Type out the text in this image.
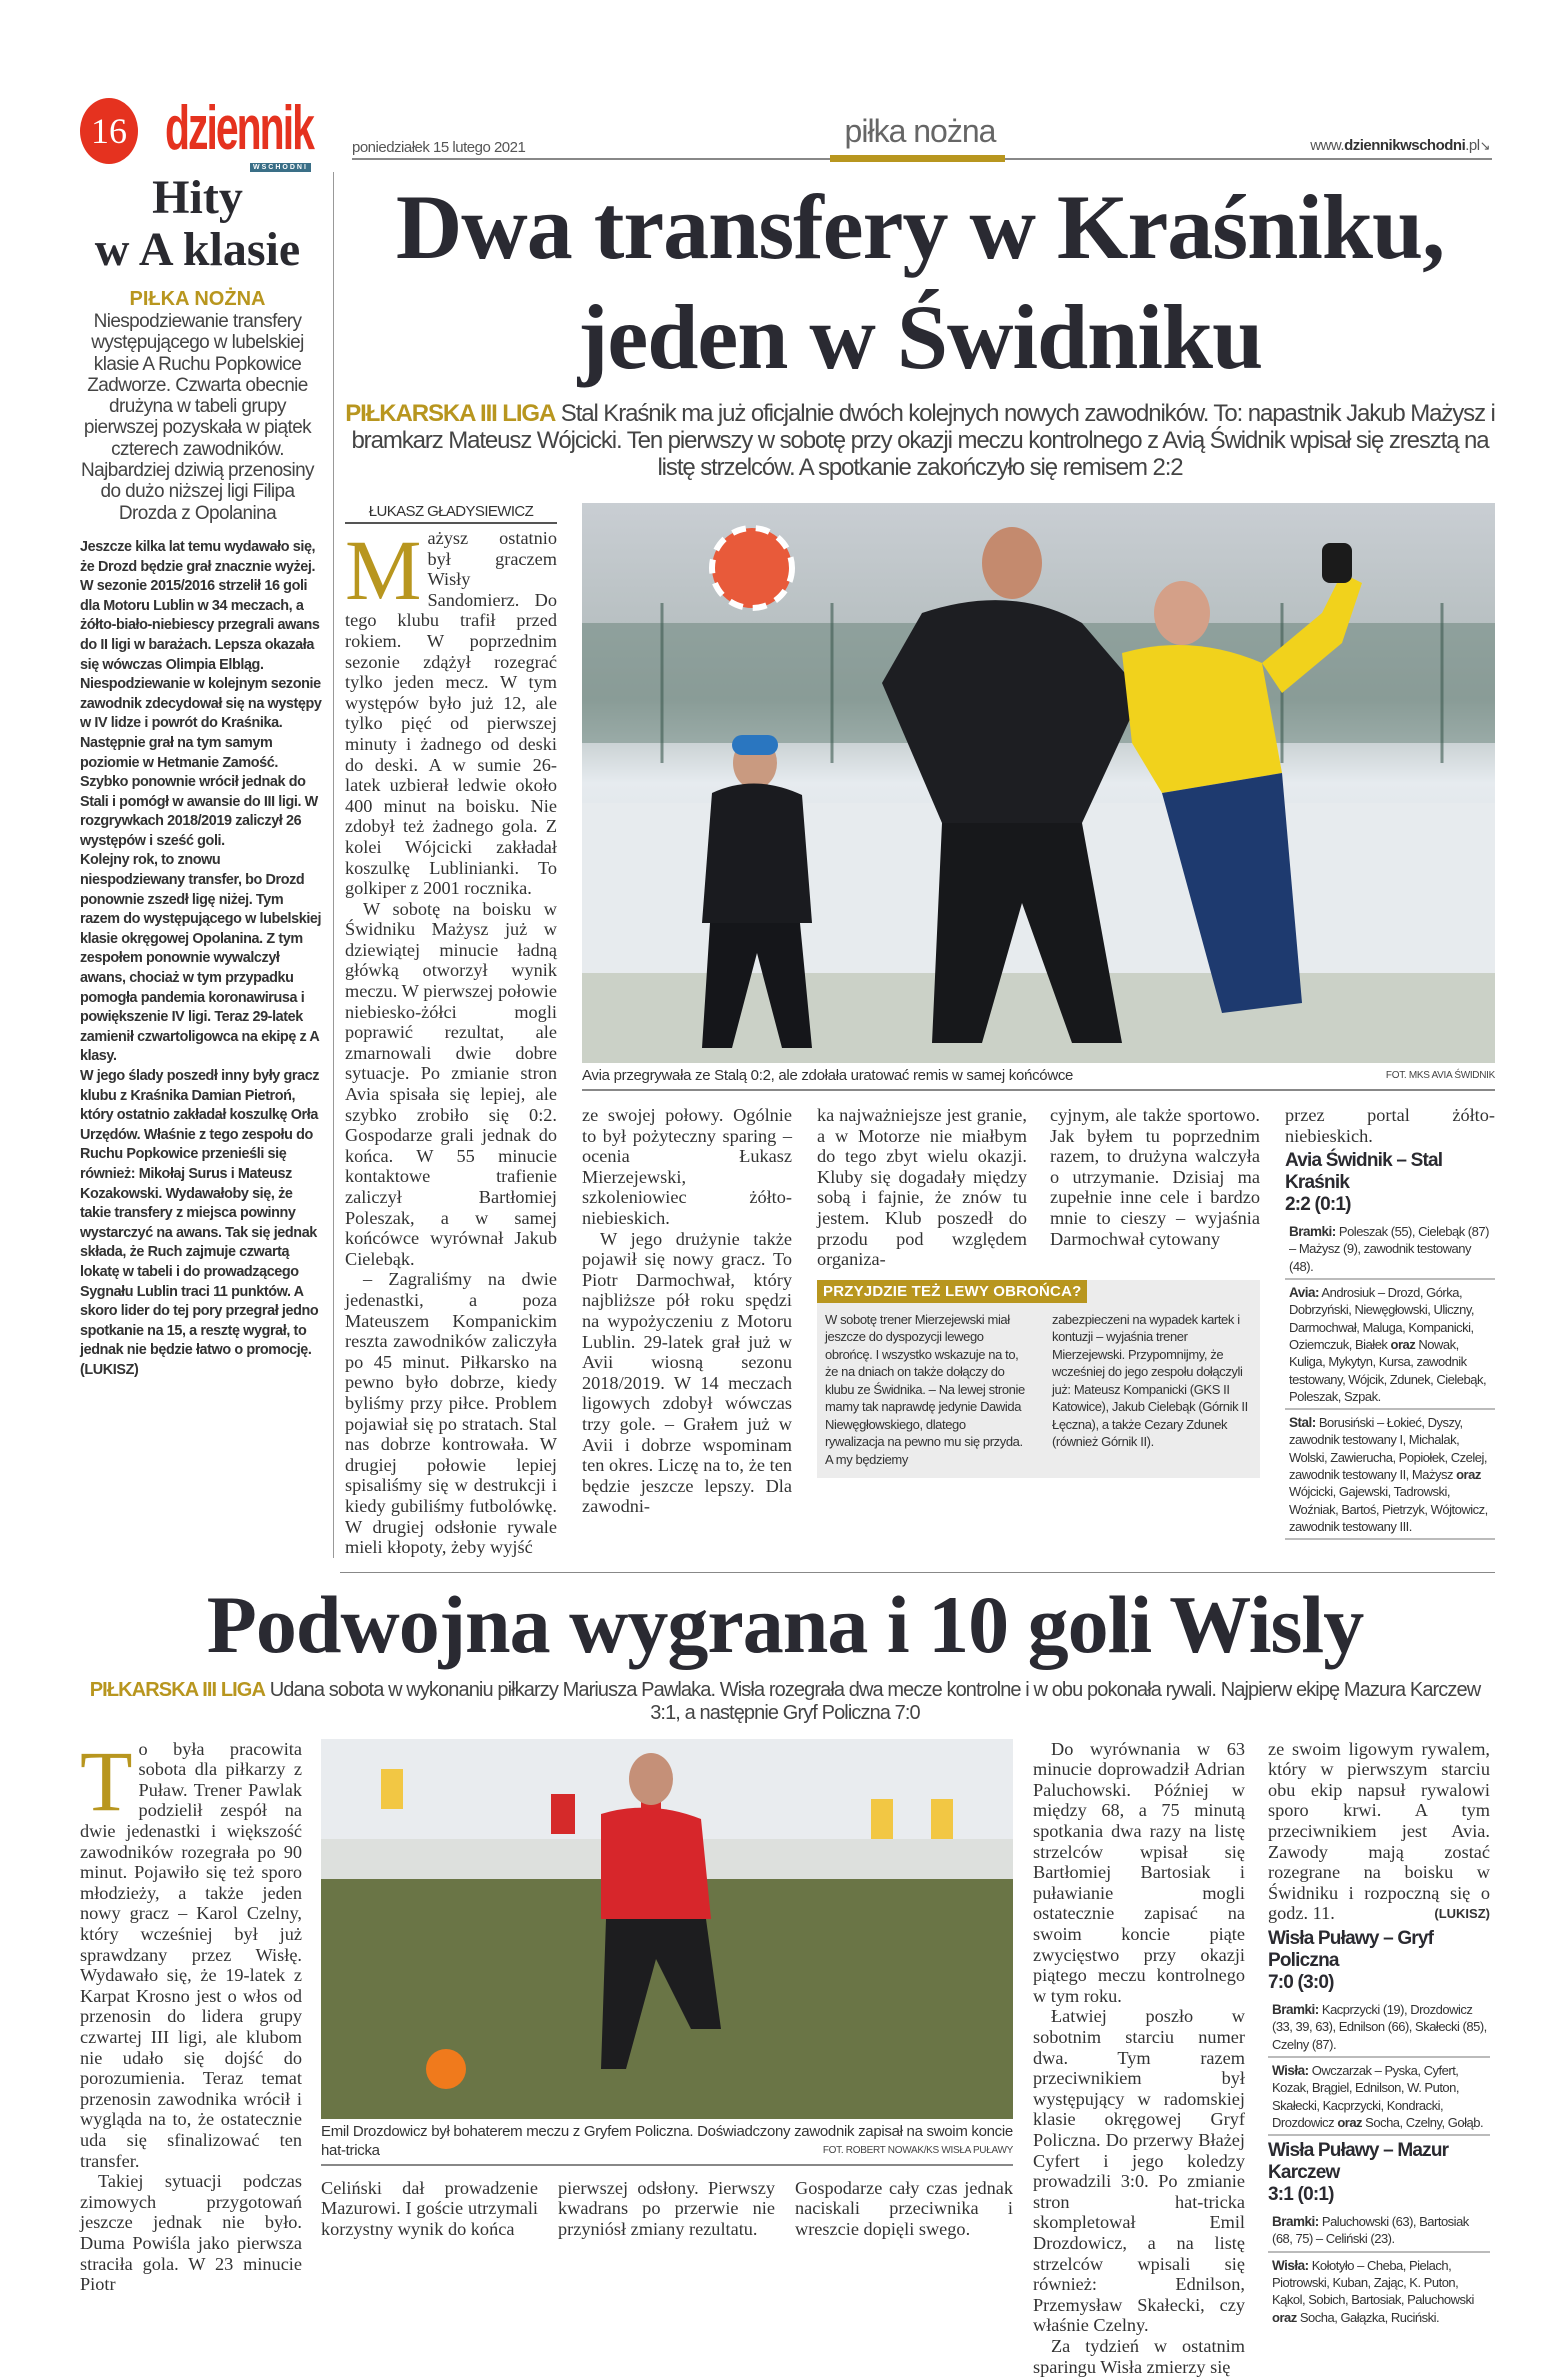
16 dziennik
WSCHODNI
poniedziałek 15 lutego 2021	piłka nożna	www.dziennikwschodni.pl↘
Hity
w A klasie
PIŁKA NOŻNA
Niespodziewanie transfery występującego w lubelskiej klasie A Ruchu Popkowice Zadworze. Czwarta obecnie drużyna w tabeli grupy pierwszej pozyskała w piątek czterech zawodników. Najbardziej dziwią przenosiny do dużo niższej ligi Filipa Drozda z Opolanina

Jeszcze kilka lat temu wydawało się, że Drozd będzie grał znacznie wyżej. W sezonie 2015/2016 strzelił 16 goli dla Motoru Lublin w 34 meczach, a żółto-biało-niebiescy przegrali awans do II ligi w barażach. Lepsza okazała się wówczas Olimpia Elbląg. Niespodziewanie w kolejnym sezonie zawodnik zdecydował się na występy w IV lidze i powrót do Kraśnika. Następnie grał na tym samym poziomie w Hetmanie Zamość. Szybko ponownie wrócił jednak do Stali i pomógł w awansie do III ligi. W rozgrywkach 2018/2019 zaliczył 26 występów i sześć goli.

Kolejny rok, to znowu niespodziewany transfer, bo Drozd ponownie zszedł ligę niżej. Tym razem do występującego w lubelskiej klasie okręgowej Opolanina. Z tym zespołem ponownie wywalczył awans, chociaż w tym przypadku pomogła pandemia koronawirusa i powiększenie IV ligi. Teraz 29-latek zamienił czwartoligowca na ekipę z A klasy.

W jego ślady poszedł inny były gracz klubu z Kraśnika Damian Pietroń, który ostatnio zakładał koszulkę Orła Urzędów. Właśnie z tego zespołu do Ruchu Popkowice przenieśli się również: Mikołaj Surus i Mateusz Kozakowski. Wydawałoby się, że takie transfery z miejsca powinny wystarczyć na awans. Tak się jednak składa, że Ruch zajmuje czwartą lokatę w tabeli i do prowadzącego Sygnału Lublin traci 11 punktów. A skoro lider do tej pory przegrał jedno spotkanie na 15, a resztę wygrał, to jednak nie będzie łatwo o promocję. (LUKISZ)

Dwa transfery w Kraśniku,
jeden w Świdniku
PIŁKARSKA III LIGA Stal Kraśnik ma już oficjalnie dwóch kolejnych nowych zawodników. To: napastnik Jakub Mażysz i bramkarz Mateusz Wójcicki. Ten pierwszy w sobotę przy okazji meczu kontrolnego z Avią Świdnik wpisał się zresztą na listę strzelców. A spotkanie zakończyło się remisem 2:2
ŁUKASZ GŁADYSIEWICZ

Mażysz ostatnio był graczem Wisły Sandomierz. Do tego klubu trafił przed rokiem. W poprzednim sezonie zdążył rozegrać tylko jeden mecz. W tym występów było już 12, ale tylko pięć od pierwszej minuty i żadnego od deski do deski. A w sumie 26-latek uzbierał ledwie około 400 minut na boisku. Nie zdobył też żadnego gola. Z kolei Wójcicki zakładał koszulkę Lublinianki. To golkiper z 2001 rocznika.

W sobotę na boisku w Świdniku Mażysz już w dziewiątej minucie ładną główką otworzył wynik meczu. W pierwszej połowie niebiesko-żółci mogli poprawić rezultat, ale zmarnowali dwie dobre sytuacje. Po zmianie stron Avia spisała się lepiej, ale szybko zrobiło się 0:2. Gospodarze grali jednak do końca. W 55 minucie kontaktowe trafienie zaliczył Bartłomiej Poleszak, a w samej końcówce wyrównał Jakub Cielebąk.

– Zagraliśmy na dwie jedenastki, a poza Mateuszem Kompanickim reszta zawodników zaliczyła po 45 minut. Piłkarsko na pewno było dobrze, kiedy byliśmy przy piłce. Problem pojawiał się po stratach. Stal nas dobrze kontrowała. W drugiej połowie lepiej spisaliśmy się w destrukcji i kiedy gubiliśmy futbolówkę. W drugiej odsłonie rywale mieli kłopoty, żeby wyjść

FOT. MKS AVIA ŚWIDNIK
Avia przegrywała ze Stalą 0:2, ale zdołała uratować remis w samej końcówce

ze swojej połowy. Ogólnie to był pożyteczny sparing – ocenia Łukasz Mierzejewski, szkoleniowiec żółto-niebieskich.

W jego drużynie także pojawił się nowy gracz. To Piotr Darmochwał, który najbliższe pół roku spędzi na wypożyczeniu z Motoru Lublin. 29-latek grał już w Avii wiosną sezonu 2018/2019. W 14 meczach ligowych zdobył wówczas trzy gole. – Grałem już w Avii i dobrze wspominam ten okres. Liczę na to, że ten będzie jeszcze lepszy. Dla zawodni-

ka najważniejsze jest granie, a w Motorze nie miałbym do tego zbyt wielu okazji. Kluby się dogadały między sobą i fajnie, że znów tu jestem. Klub poszedł do przodu pod względem organiza-

cyjnym, ale także sportowo. Jak byłem tu poprzednim razem, to drużyna walczyła o utrzymanie. Dzisiaj ma zupełnie inne cele i bardzo mnie to cieszy – wyjaśnia Darmochwał cytowany

PRZYJDZIE TEŻ LEWY OBROŃCA?
W sobotę trener Mierzejewski miał jeszcze do dyspozycji lewego obrońcę. I wszystko wskazuje na to, że na dniach on także dołączy do klubu ze Świdnika. – Na lewej stronie mamy tak naprawdę jedynie Dawida Niewęgłowskiego, dlatego rywalizacja na pewno mu się przyda. A my będziemy
zabezpieczeni na wypadek kartek i kontuzji – wyjaśnia trener Mierzejewski. Przypomnijmy, że wcześniej do jego zespołu dołączyli już: Mateusz Kompanicki (GKS II Katowice), Jakub Cielebąk (Górnik II Łęczna), a także Cezary Zdunek (również Górnik II).

przez portal żółto-niebieskich.

Avia Świdnik – Stal Kraśnik
2:2 (0:1)
Bramki: Poleszak (55), Cielebąk (87) – Mażysz (9), zawodnik testowany (48).
Avia: Androsiuk – Drozd, Górka, Dobrzyński, Niewęgłowski, Uliczny, Darmochwał, Maluga, Kompanicki, Oziemczuk, Białek oraz Nowak, Kuliga, Mykytyn, Kursa, zawodnik testowany, Wójcik, Zdunek, Cielebąk, Poleszak, Szpak.
Stal: Borusiński – Łokieć, Dyszy, zawodnik testowany I, Michalak, Wolski, Zawierucha, Popiołek, Czelej, zawodnik testowany II, Mażysz oraz Wójcicki, Gajewski, Tadrowski, Woźniak, Bartoś, Pietrzyk, Wójtowicz, zawodnik testowany III.
Podwojna wygrana i 10 goli Wisly
PIŁKARSKA III LIGA Udana sobota w wykonaniu piłkarzy Mariusza Pawlaka. Wisła rozegrała dwa mecze kontrolne i w obu pokonała rywali. Najpierw ekipę Mazura Karczew 3:1, a następnie Gryf Policzna 7:0

To była pracowita sobota dla piłkarzy z Puław. Trener Pawlak podzielił zespół na dwie jedenastki i większość zawodników rozegrała po 90 minut. Pojawiło się też sporo młodzieży, a także jeden nowy gracz – Karol Czelny, który wcześniej był już sprawdzany przez Wisłę. Wydawało się, że 19-latek z Karpat Krosno jest o włos od przenosin do lidera grupy czwartej III ligi, ale klubom nie udało się dojść do porozumienia. Teraz temat przenosin zawodnika wrócił i wygląda na to, że ostatecznie uda się sfinalizować ten transfer.

Takiej sytuacji podczas zimowych przygotowań jeszcze jednak nie było. Duma Powiśla jako pierwsza straciła gola. W 23 minucie Piotr

Emil Drozdowicz był bohaterem meczu z Gryfem Policzna. Doświadczony zawodnik zapisał na swoim koncie hat-tricka	FOT. ROBERT NOWAK/KS WISŁA PUŁAWY

Celiński dał prowadzenie Mazurowi. I goście utrzymali korzystny wynik do końca

pierwszej odsłony. Pierwszy kwadrans po przerwie nie przyniósł zmiany rezultatu.

Gospodarze cały czas jednak naciskali przeciwnika i wreszcie dopięli swego.

Do wyrównania w 63 minucie doprowadził Adrian Paluchowski. Później w między 68, a 75 minutą spotkania dwa razy na listę strzelców wpisał się Bartłomiej Bartosiak i puławianie mogli ostatecznie zapisać na swoim koncie piąte zwycięstwo przy okazji piątego meczu kontrolnego w tym roku.

Łatwiej poszło w sobotnim starciu numer dwa. Tym razem przeciwnikiem był występujący w radomskiej klasie okręgowej Gryf Policzna. Do przerwy Błażej Cyfert i jego koledzy prowadzili 3:0. Po zmianie stron hat-tricka skompletował Emil Drozdowicz, a na listę strzelców wpisali się również: Ednilson, Przemysław Skałecki, czy właśnie Czelny.

Za tydzień w ostatnim sparingu Wisła zmierzy się

ze swoim ligowym rywalem, który w pierwszym starciu obu ekip napsuł rywalowi sporo krwi. A tym przeciwnikiem jest Avia. Zawody mają zostać rozegrane na boisku w Świdniku i rozpoczną się o godz. 11.	(LUKISZ)

Wisła Puławy – Gryf Policzna
7:0 (3:0)
Bramki: Kacprzycki (19), Drozdowicz (33, 39, 63), Ednilson (66), Skałecki (85), Czelny (87).
Wisła: Owczarzak – Pyska, Cyfert, Kozak, Brągiel, Ednilson, W. Puton, Skałecki, Kacprzycki, Kondracki, Drozdowicz oraz Socha, Czelny, Gołąb.
Wisła Puławy – Mazur Karczew
3:1 (0:1)
Bramki: Paluchowski (63), Bartosiak (68, 75) – Celiński (23).
Wisła: Kołotyło – Cheba, Pielach, Piotrowski, Kuban, Zając, K. Puton, Kąkol, Sobich, Bartosiak, Paluchowski oraz Socha, Gałązka, Ruciński.
